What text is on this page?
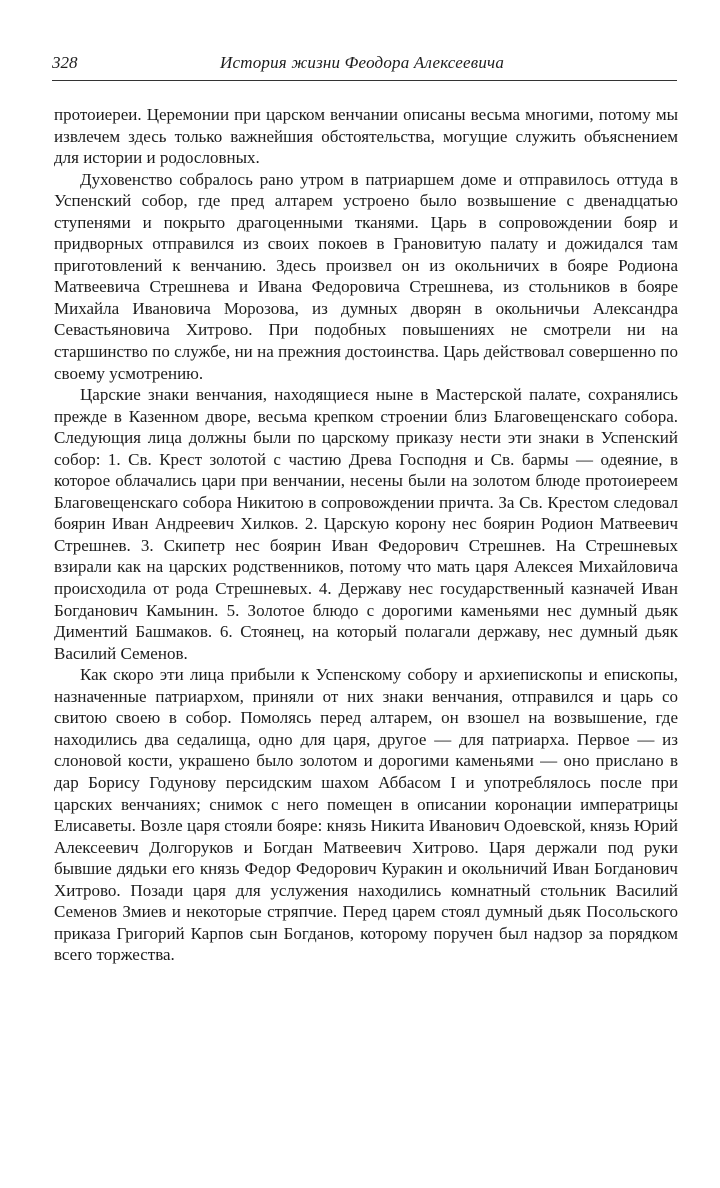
328	История жизни Феодора Алексеевича

протоиереи. Церемонии при царском венчании описаны весьма многими, потому мы извлечем здесь только важнейшия обстоятельства, могущие служить объяснением для истории и родословных.

Духовенство собралось рано утром в патриаршем доме и отправилось оттуда в Успенский собор, где пред алтарем устроено было возвышение с двенадцатью ступенями и покрыто драгоценными тканями. Царь в сопровождении бояр и придворных отправился из своих покоев в Грановитую палату и дожидался там приготовлений к венчанию. Здесь произвел он из окольничих в бояре Родиона Матвеевича Стрешнева и Ивана Федоровича Стрешнева, из стольников в бояре Михайла Ивановича Морозова, из думных дворян в окольничьи Александра Севастьяновича Хитрово. При подобных повышениях не смотрели ни на старшинство по службе, ни на прежния достоинства. Царь действовал совершенно по своему усмотрению.

Царские знаки венчания, находящиеся ныне в Мастерской палате, сохранялись прежде в Казенном дворе, весьма крепком строении близ Благовещенскаго собора. Следующия лица должны были по царскому приказу нести эти знаки в Успенский собор: 1. Св. Крест золотой с частию Древа Господня и Св. бармы — одеяние, в которое облачались цари при венчании, несены были на золотом блюде протоиереем Благовещенскаго собора Никитою в сопровождении причта. За Св. Крестом следовал боярин Иван Андреевич Хилков. 2. Царскую корону нес боярин Родион Матвеевич Стрешнев. 3. Скипетр нес боярин Иван Федорович Стрешнев. На Стрешневых взирали как на царских родственников, потому что мать царя Алексея Михайловича происходила от рода Стрешневых. 4. Державу нес государственный казначей Иван Богданович Камынин. 5. Золотое блюдо с дорогими каменьями нес думный дьяк Диментий Башмаков. 6. Стоянец, на который полагали державу, нес думный дьяк Василий Семенов.

Как скоро эти лица прибыли к Успенскому собору и архиепископы и епископы, назначенные патриархом, приняли от них знаки венчания, отправился и царь со свитою своею в собор. Помолясь перед алтарем, он взошел на возвышение, где находились два седалища, одно для царя, другое — для патриарха. Первое — из слоновой кости, украшено было золотом и дорогими каменьями — оно прислано в дар Борису Годунову персидским шахом Аббасом I и употреблялось после при царских венчаниях; снимок с него помещен в описании коронации императрицы Елисаветы. Возле царя стояли бояре: князь Никита Иванович Одоевской, князь Юрий Алексеевич Долгоруков и Богдан Матвеевич Хитрово. Царя держали под руки бывшие дядьки его князь Федор Федорович Куракин и окольничий Иван Богданович Хитрово. Позади царя для услужения находились комнатный стольник Василий Семенов Змиев и некоторые стряпчие. Перед царем стоял думный дьяк Посольского приказа Григорий Карпов сын Богданов, которому поручен был надзор за порядком всего торжества.
